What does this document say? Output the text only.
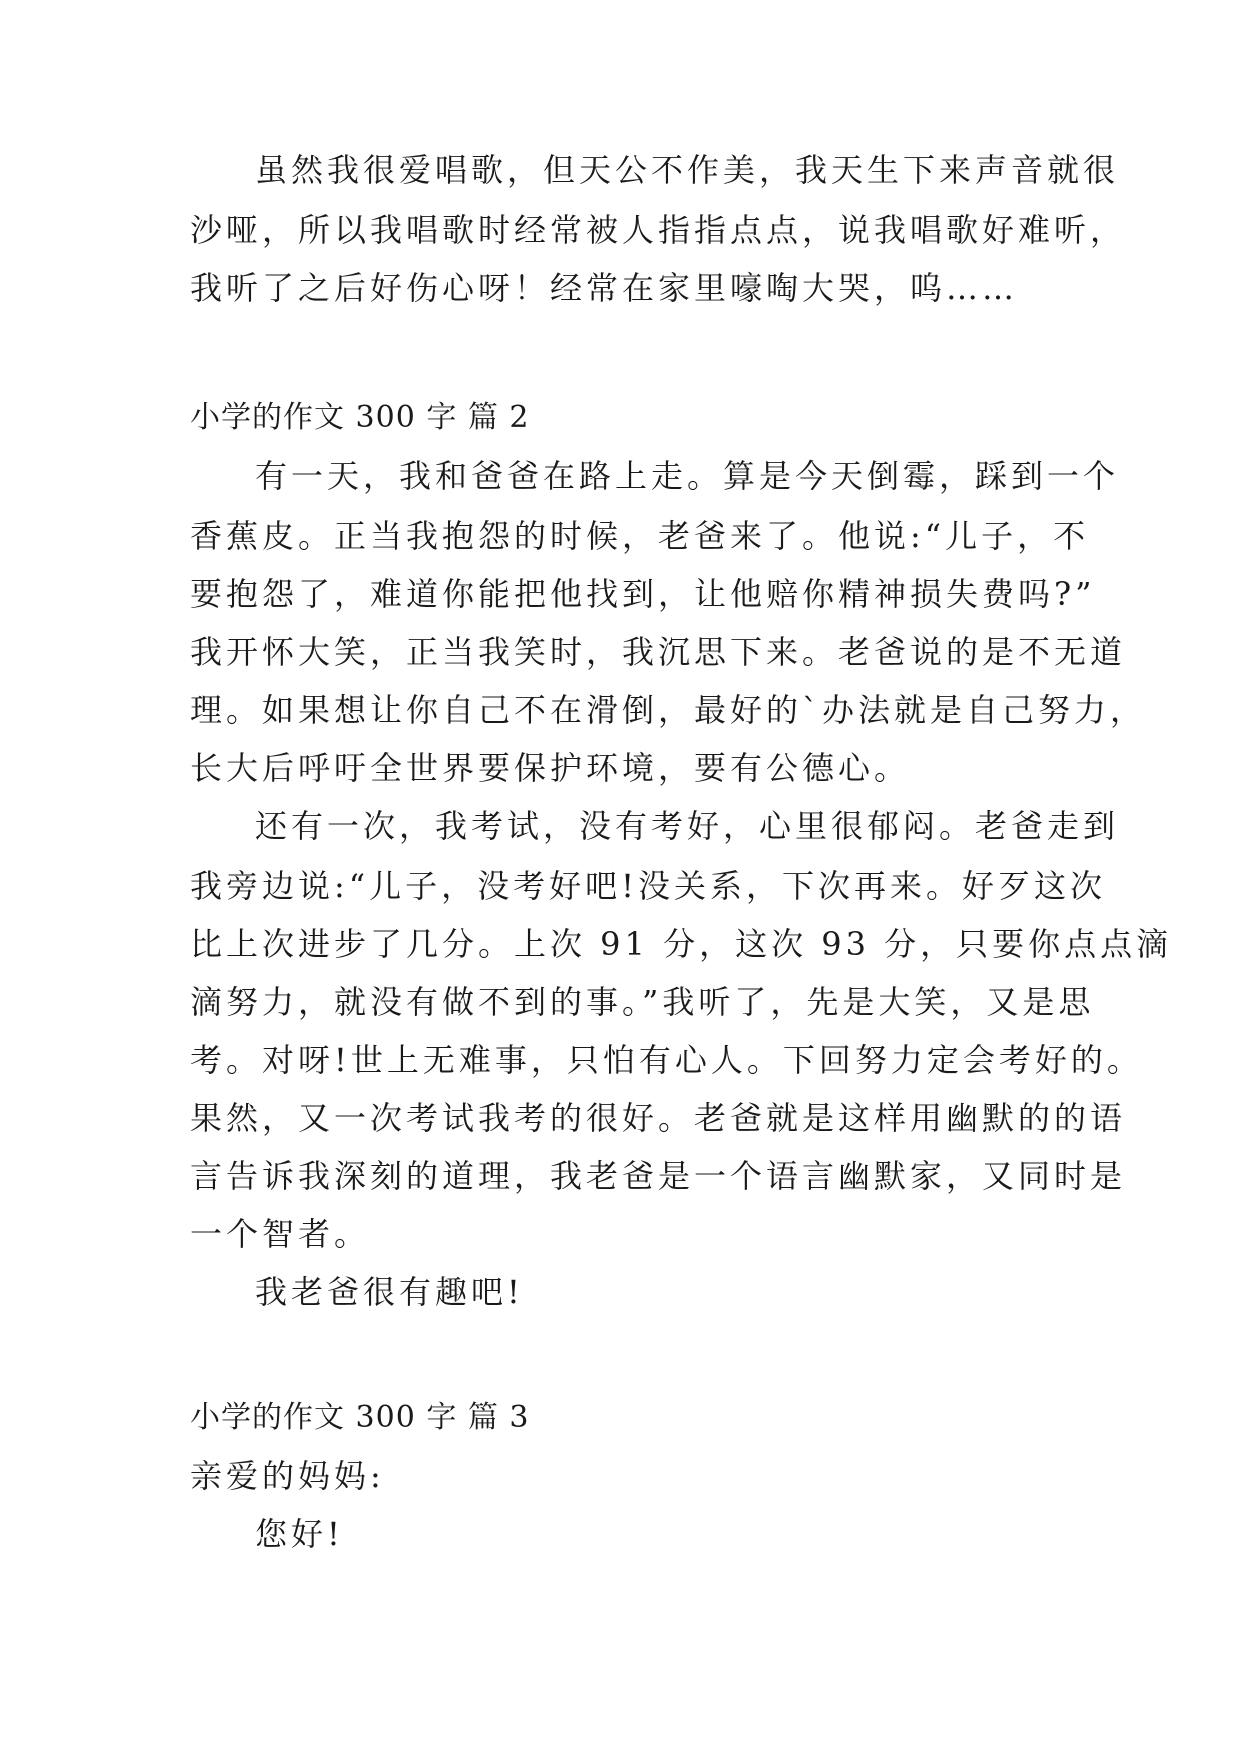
虽然我很爱唱歌，但天公不作美，我天生下来声音就很
沙哑，所以我唱歌时经常被人指指点点，说我唱歌好难听，
我听了之后好伤心呀！经常在家里嚎啕大哭，呜……
小学的作文 300 字 篇 2
有一天，我和爸爸在路上走。算是今天倒霉，踩到一个
香蕉皮。正当我抱怨的时候，老爸来了。他说:“儿子，不
要抱怨了，难道你能把他找到，让他赔你精神损失费吗?”
我开怀大笑，正当我笑时，我沉思下来。老爸说的是不无道
理。如果想让你自己不在滑倒，最好的`办法就是自己努力，
长大后呼吁全世界要保护环境，要有公德心。
还有一次，我考试，没有考好，心里很郁闷。老爸走到
我旁边说:“儿子，没考好吧!没关系，下次再来。好歹这次
比上次进步了几分。上次 91 分，这次 93 分，只要你点点滴
滴努力，就没有做不到的事。”我听了，先是大笑，又是思
考。对呀!世上无难事，只怕有心人。下回努力定会考好的。
果然，又一次考试我考的很好。老爸就是这样用幽默的的语
言告诉我深刻的道理，我老爸是一个语言幽默家，又同时是
一个智者。
我老爸很有趣吧!
小学的作文 300 字 篇 3
亲爱的妈妈:
您好!
